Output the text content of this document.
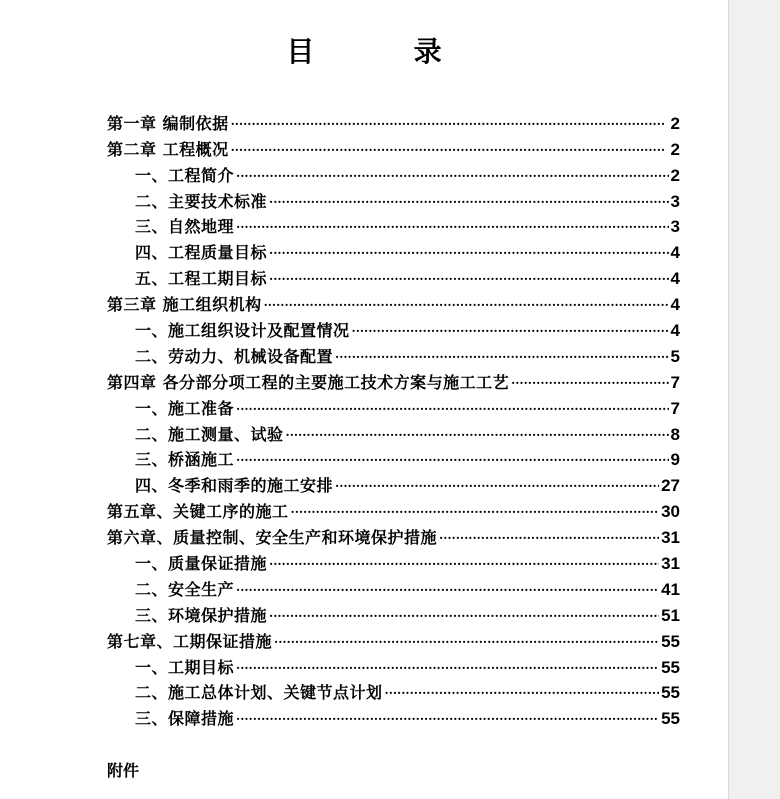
目 录
第一章 编制依据 ·····	2
第二章 工程概况 ·····	2
一、工程简介 ·····	2
二、主要技术标准 ·····	3
三、自然地理 ·····	3
四、工程质量目标 ·····	4
五、工程工期目标 ·····	4
第三章 施工组织机构 ·····	4
一、施工组织设计及配置情况 ·····	4
二、劳动力、机械设备配置 ·····	5
第四章 各分部分项工程的主要施工技术方案与施工工艺 ·····	7
一、施工准备 ·····	7
二、施工测量、试验 ·····	8
三、桥涵施工 ·····	9
四、冬季和雨季的施工安排 ·····	27
第五章、关键工序的施工 ·····	30
第六章、质量控制、安全生产和环境保护措施 ·····	31
一、质量保证措施 ·····	31
二、安全生产 ·····	41
三、环境保护措施 ·····	51
第七章、工期保证措施 ·····	55
一、工期目标 ·····	55
二、施工总体计划、关键节点计划 ·····	55
三、保障措施 ·····	55
附件
